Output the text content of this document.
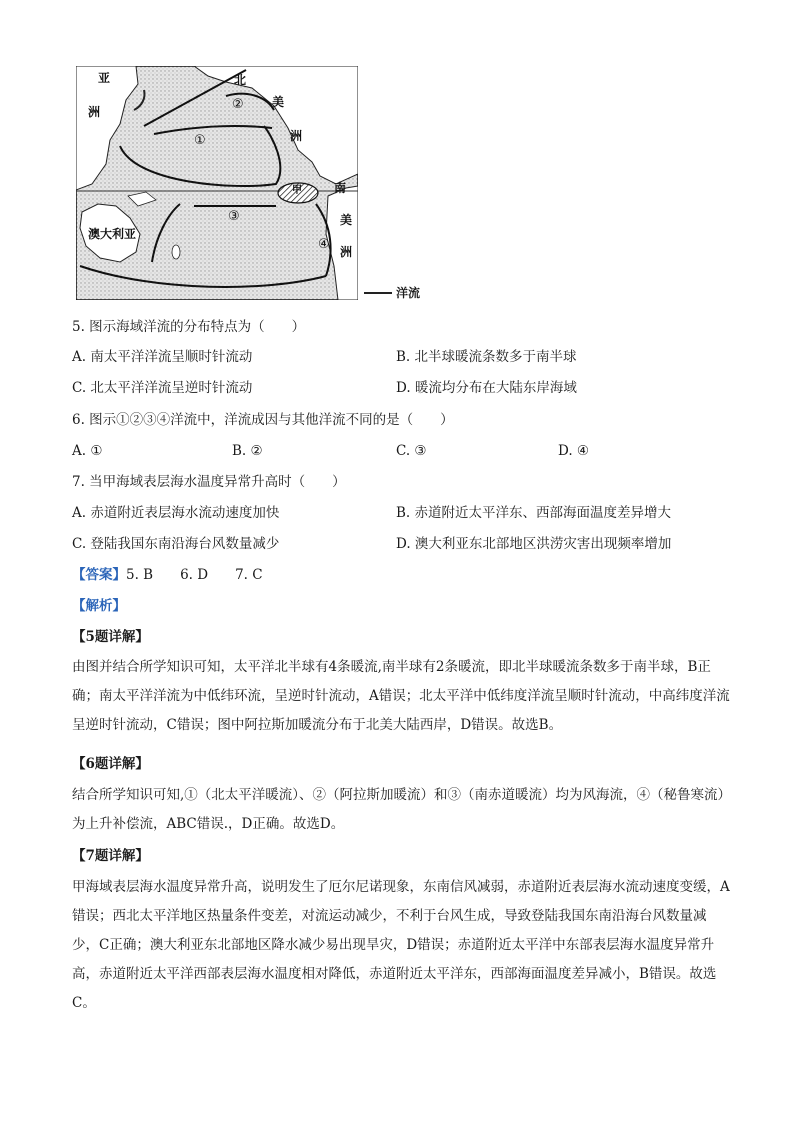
亚
洲
北
美
洲
南
美
洲
澳大利亚
甲
①
②
③
④
洋流
5. 图示海域洋流的分布特点为（　　）
A. 南太平洋洋流呈顺时针流动	B. 北半球暖流条数多于南半球
C. 北太平洋洋流呈逆时针流动	D. 暖流均分布在大陆东岸海域
6. 图示①②③④洋流中，洋流成因与其他洋流不同的是（　　）
A. ①	B. ②	C. ③	D. ④
7. 当甲海域表层海水温度异常升高时（　　）
A. 赤道附近表层海水流动速度加快	B. 赤道附近太平洋东、西部海面温度差异增大
C. 登陆我国东南沿海台风数量减少	D. 澳大利亚东北部地区洪涝灾害出现频率增加
【答案】5. B　　6. D　　7. C
【解析】
【5题详解】

由图并结合所学知识可知，太平洋北半球有4条暖流,南半球有2条暖流，即北半球暖流条数多于南半球，B正确；南太平洋洋流为中低纬环流，呈逆时针流动，A错误；北太平洋中低纬度洋流呈顺时针流动，中高纬度洋流呈逆时针流动，C错误；图中阿拉斯加暖流分布于北美大陆西岸，D错误。故选B。

【6题详解】

结合所学知识可知,①（北太平洋暖流）、②（阿拉斯加暖流）和③（南赤道暖流）均为风海流，④（秘鲁寒流）为上升补偿流，ABC错误.，D正确。故选D。

【7题详解】

甲海域表层海水温度异常升高，说明发生了厄尔尼诺现象，东南信风减弱，赤道附近表层海水流动速度变缓，A错误；西北太平洋地区热量条件变差，对流运动减少，不利于台风生成，导致登陆我国东南沿海台风数量减少，C正确；澳大利亚东北部地区降水减少易出现旱灾，D错误；赤道附近太平洋中东部表层海水温度异常升高，赤道附近太平洋西部表层海水温度相对降低，赤道附近太平洋东，西部海面温度差异减小，B错误。故选C。
